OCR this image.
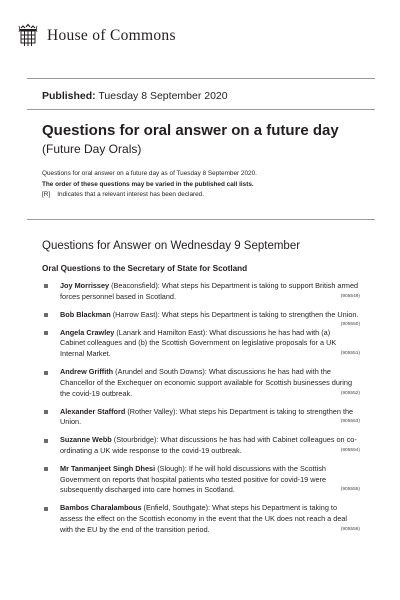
House of Commons
Published: Tuesday 8 September 2020
Questions for oral answer on a future day
(Future Day Orals)
Questions for oral answer on a future day as of Tuesday 8 September 2020.
The order of these questions may be varied in the published call lists.
[R] Indicates that a relevant interest has been declared.
Questions for Answer on Wednesday 9 September
Oral Questions to the Secretary of State for Scotland
Joy Morrissey (Beaconsfield): What steps his Department is taking to support British armed forces personnel based in Scotland.	(905549)
Bob Blackman (Harrow East): What steps his Department is taking to strengthen the Union.
(905550)
Angela Crawley (Lanark and Hamilton East): What discussions he has had with (a) Cabinet colleagues and (b) the Scottish Government on legislative proposals for a UK Internal Market.	(905551)
Andrew Griffith (Arundel and South Downs): What discussions he has had with the Chancellor of the Exchequer on economic support available for Scottish businesses during the covid-19 outbreak.	(905552)
Alexander Stafford (Rother Valley): What steps his Department is taking to strengthen the Union.	(905553)
Suzanne Webb (Stourbridge): What discussions he has had with Cabinet colleagues on co-ordinating a UK wide response to the covid-19 outbreak.	(905554)
Mr Tanmanjeet Singh Dhesi (Slough): If he will hold discussions with the Scottish Government on reports that hospital patients who tested positive for covid-19 were subsequently discharged into care homes in Scotland.	(905555)
Bambos Charalambous (Enfield, Southgate): What steps his Department is taking to assess the effect on the Scottish economy in the event that the UK does not reach a deal with the EU by the end of the transition period.	(905556)
